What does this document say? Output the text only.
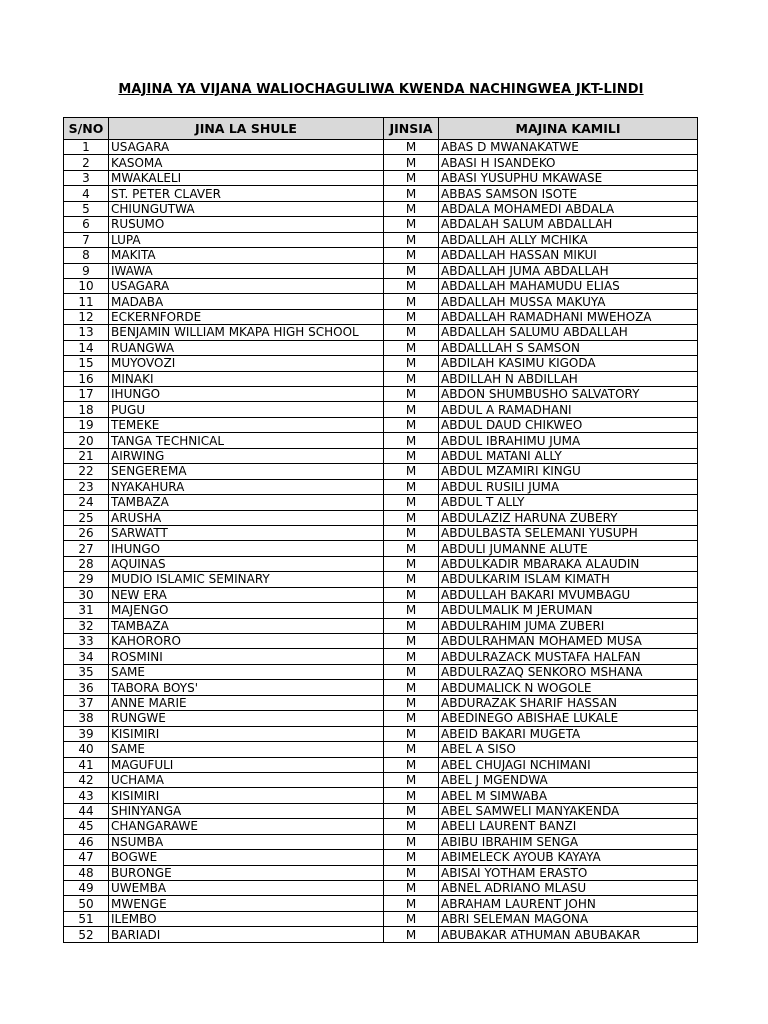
MAJINA YA VIJANA WALIOCHAGULIWA KWENDA NACHINGWEA JKT-LINDI
S/NO	JINA LA SHULE	JINSIA	MAJINA KAMILI
1	USAGARA	M	ABAS D MWANAKATWE
2	KASOMA	M	ABASI H ISANDEKO
3	MWAKALELI	M	ABASI YUSUPHU MKAWASE
4	ST. PETER CLAVER	M	ABBAS SAMSON ISOTE
5	CHIUNGUTWA	M	ABDALA MOHAMEDI ABDALA
6	RUSUMO	M	ABDALAH SALUM ABDALLAH
7	LUPA	M	ABDALLAH ALLY MCHIKA
8	MAKITA	M	ABDALLAH HASSAN MIKUI
9	IWAWA	M	ABDALLAH JUMA ABDALLAH
10	USAGARA	M	ABDALLAH MAHAMUDU ELIAS
11	MADABA	M	ABDALLAH MUSSA MAKUYA
12	ECKERNFORDE	M	ABDALLAH RAMADHANI MWEHOZA
13	BENJAMIN WILLIAM MKAPA HIGH SCHOOL	M	ABDALLAH SALUMU ABDALLAH
14	RUANGWA	M	ABDALLLAH S SAMSON
15	MUYOVOZI	M	ABDILAH KASIMU KIGODA
16	MINAKI	M	ABDILLAH N ABDILLAH
17	IHUNGO	M	ABDON SHUMBUSHO SALVATORY
18	PUGU	M	ABDUL A RAMADHANI
19	TEMEKE	M	ABDUL DAUD CHIKWEO
20	TANGA TECHNICAL	M	ABDUL IBRAHIMU JUMA
21	AIRWING	M	ABDUL MATANI ALLY
22	SENGEREMA	M	ABDUL MZAMIRI KINGU
23	NYAKAHURA	M	ABDUL RUSILI JUMA
24	TAMBAZA	M	ABDUL T ALLY
25	ARUSHA	M	ABDULAZIZ HARUNA ZUBERY
26	SARWATT	M	ABDULBASTA SELEMANI YUSUPH
27	IHUNGO	M	ABDULI JUMANNE ALUTE
28	AQUINAS	M	ABDULKADIR MBARAKA ALAUDIN
29	MUDIO ISLAMIC SEMINARY	M	ABDULKARIM ISLAM KIMATH
30	NEW ERA	M	ABDULLAH BAKARI MVUMBAGU
31	MAJENGO	M	ABDULMALIK M JERUMAN
32	TAMBAZA	M	ABDULRAHIM JUMA ZUBERI
33	KAHORORO	M	ABDULRAHMAN MOHAMED MUSA
34	ROSMINI	M	ABDULRAZACK MUSTAFA HALFAN
35	SAME	M	ABDULRAZAQ SENKORO MSHANA
36	TABORA BOYS'	M	ABDUMALICK N WOGOLE
37	ANNE MARIE	M	ABDURAZAK SHARIF HASSAN
38	RUNGWE	M	ABEDINEGO ABISHAE LUKALE
39	KISIMIRI	M	ABEID BAKARI MUGETA
40	SAME	M	ABEL A SISO
41	MAGUFULI	M	ABEL CHUJAGI NCHIMANI
42	UCHAMA	M	ABEL J MGENDWA
43	KISIMIRI	M	ABEL M SIMWABA
44	SHINYANGA	M	ABEL SAMWELI MANYAKENDA
45	CHANGARAWE	M	ABELI LAURENT BANZI
46	NSUMBA	M	ABIBU IBRAHIM SENGA
47	BOGWE	M	ABIMELECK AYOUB KAYAYA
48	BURONGE	M	ABISAI YOTHAM ERASTO
49	UWEMBA	M	ABNEL ADRIANO MLASU
50	MWENGE	M	ABRAHAM LAURENT JOHN
51	ILEMBO	M	ABRI SELEMAN MAGONA
52	BARIADI	M	ABUBAKAR ATHUMAN ABUBAKAR
